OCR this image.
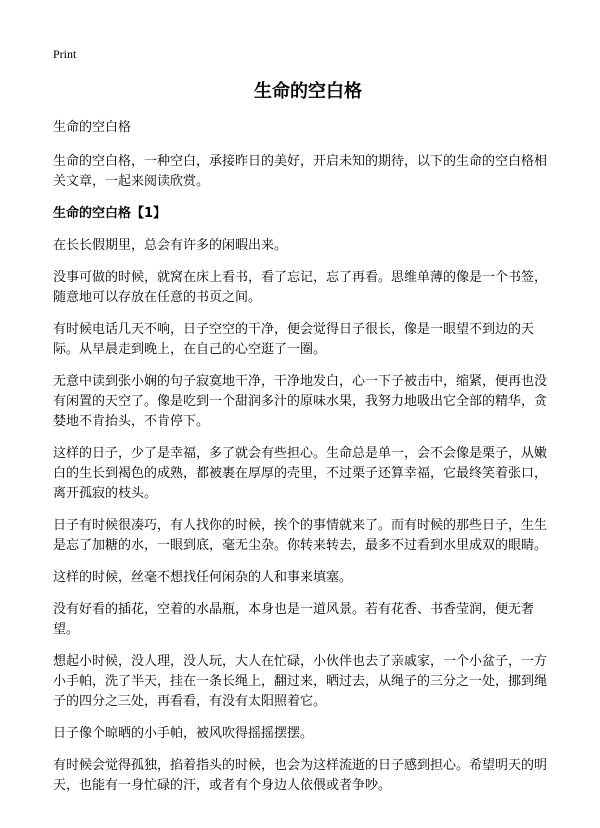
Print
生命的空白格

生命的空白格

生命的空白格，一种空白，承接昨日的美好，开启未知的期待，以下的生命的空白格相关文章，一起来阅读欣赏。

生命的空白格【1】

在长长假期里，总会有许多的闲暇出来。

没事可做的时候，就窝在床上看书，看了忘记，忘了再看。思维单薄的像是一个书签，随意地可以存放在任意的书页之间。

有时候电话几天不响，日子空空的干净，便会觉得日子很长，像是一眼望不到边的天际。从早晨走到晚上，在自己的心空逛了一圈。

无意中读到张小娴的句子寂寞地干净，干净地发白，心一下子被击中，缩紧，便再也没有闲置的天空了。像是吃到一个甜润多汁的原味水果，我努力地吸出它全部的精华，贪婪地不肯抬头，不肯停下。

这样的日子，少了是幸福，多了就会有些担心。生命总是单一，会不会像是栗子，从嫩白的生长到褐色的成熟，都被裹在厚厚的壳里，不过栗子还算幸福，它最终笑着张口，离开孤寂的枝头。

日子有时候很凑巧，有人找你的时候，挨个的事情就来了。而有时候的那些日子，生生是忘了加糖的水，一眼到底，毫无尘杂。你转来转去，最多不过看到水里成双的眼睛。

这样的时候，丝毫不想找任何闲杂的人和事来填塞。

没有好看的插花，空着的水晶瓶，本身也是一道风景。若有花香、书香莹润，便无奢望。

想起小时候，没人理，没人玩，大人在忙碌，小伙伴也去了亲戚家，一个小盆子，一方小手帕，洗了半天，挂在一条长绳上，翻过来，晒过去，从绳子的三分之一处，挪到绳子的四分之三处，再看看，有没有太阳照着它。

日子像个晾晒的小手帕，被风吹得摇摇摆摆。

有时候会觉得孤独，掐着指头的时候，也会为这样流逝的日子感到担心。希望明天的明天，也能有一身忙碌的汗，或者有个身边人依偎或者争吵。
